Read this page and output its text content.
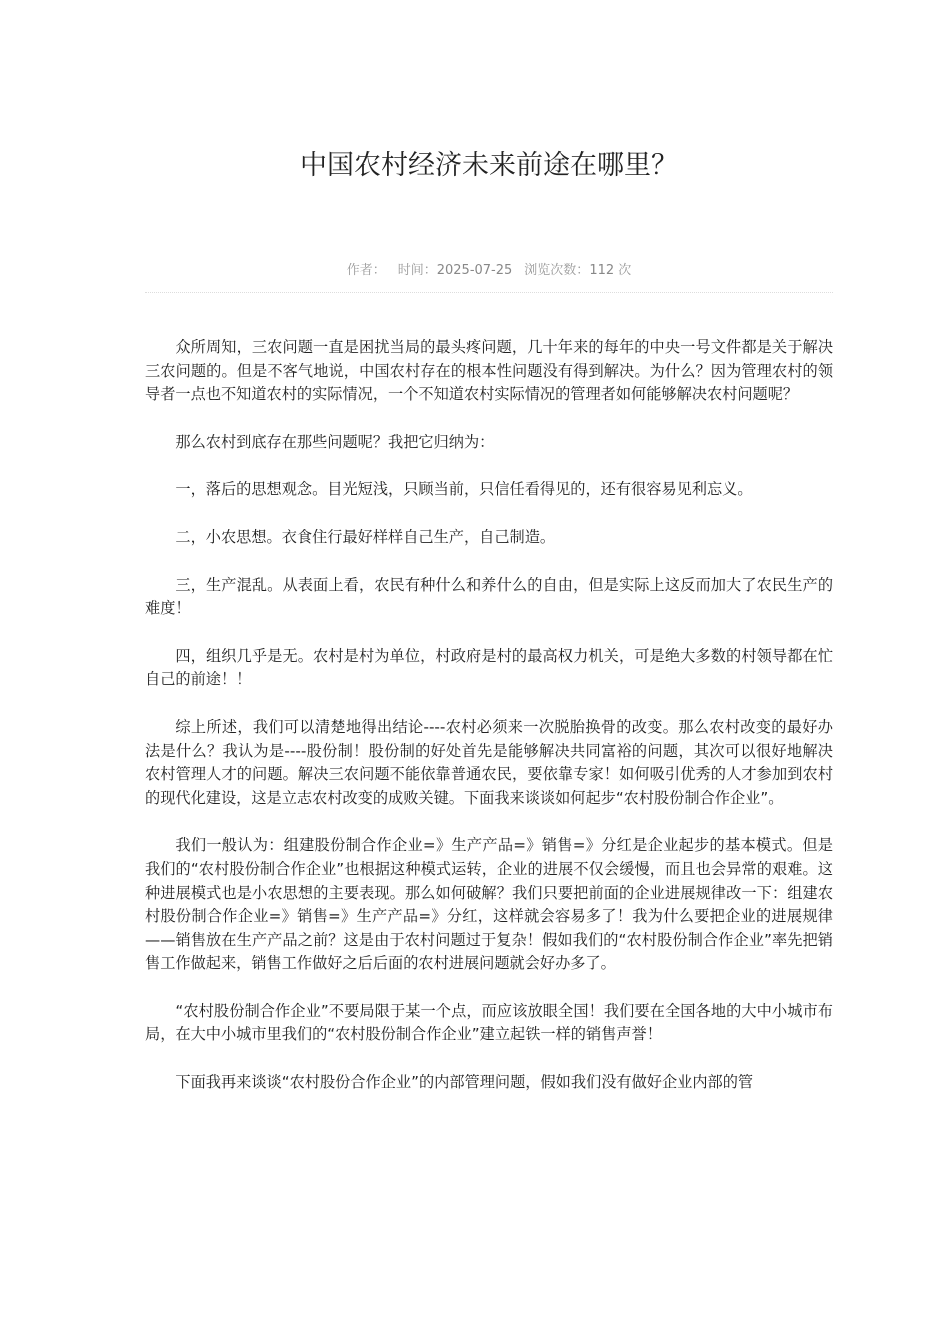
中国农村经济未来前途在哪里？
作者： 时间：2025-07-25 浏览次数：112 次

众所周知，三农问题一直是困扰当局的最头疼问题，几十年来的每年的中央一号文件都是关于解决三农问题的。但是不客气地说，中国农村存在的根本性问题没有得到解决。为什么？因为管理农村的领导者一点也不知道农村的实际情况，一个不知道农村实际情况的管理者如何能够解决农村问题呢？

那么农村到底存在那些问题呢？我把它归纳为：

一，落后的思想观念。目光短浅，只顾当前，只信任看得见的，还有很容易见利忘义。

二，小农思想。衣食住行最好样样自己生产，自己制造。

三，生产混乱。从表面上看，农民有种什么和养什么的自由，但是实际上这反而加大了农民生产的难度！

四，组织几乎是无。农村是村为单位，村政府是村的最高权力机关，可是绝大多数的村领导都在忙自己的前途！！

综上所述，我们可以清楚地得出结论----农村必须来一次脱胎换骨的改变。那么农村改变的最好办法是什么？我认为是----股份制！股份制的好处首先是能够解决共同富裕的问题，其次可以很好地解决农村管理人才的问题。解决三农问题不能依靠普通农民，要依靠专家！如何吸引优秀的人才参加到农村的现代化建设，这是立志农村改变的成败关键。下面我来谈谈如何起步“农村股份制合作企业”。

我们一般认为：组建股份制合作企业=》生产产品=》销售=》分红是企业起步的基本模式。但是我们的“农村股份制合作企业”也根据这种模式运转，企业的进展不仅会缓慢，而且也会异常的艰难。这种进展模式也是小农思想的主要表现。那么如何破解？我们只要把前面的企业进展规律改一下：组建农村股份制合作企业=》销售=》生产产品=》分红，这样就会容易多了！我为什么要把企业的进展规律——销售放在生产产品之前？这是由于农村问题过于复杂！假如我们的“农村股份制合作企业”率先把销售工作做起来，销售工作做好之后后面的农村进展问题就会好办多了。

“农村股份制合作企业”不要局限于某一个点，而应该放眼全国！我们要在全国各地的大中小城市布局，在大中小城市里我们的“农村股份制合作企业”建立起铁一样的销售声誉！

下面我再来谈谈“农村股份合作企业”的内部管理问题，假如我们没有做好企业内部的管
